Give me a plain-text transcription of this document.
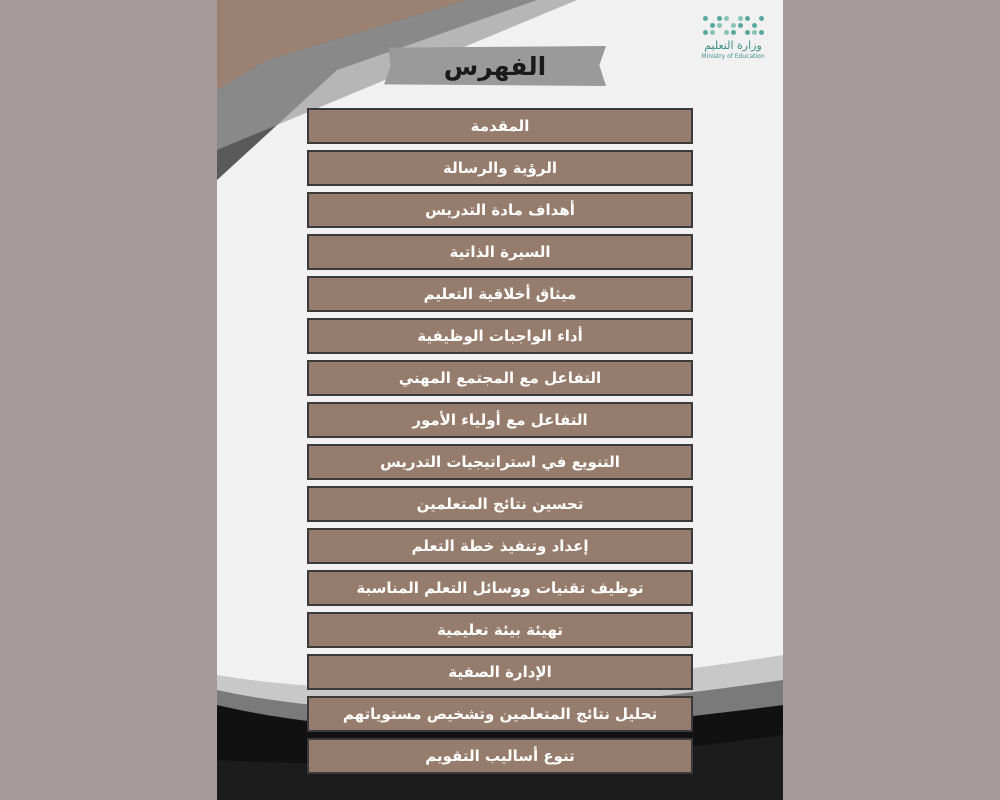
وزارة التعليم
Ministry of Education
الفهرس
المقدمة
الرؤية والرسالة
أهداف مادة التدريس
السيرة الذاتية
ميثاق أخلاقية التعليم
أداء الواجبات الوظيفية
التفاعل مع المجتمع المهني
التفاعل مع أولياء الأمور
التنويع في استراتيجيات التدريس
تحسين نتائج المتعلمين
إعداد وتنفيذ خطة التعلم
توظيف تقنيات ووسائل التعلم المناسبة
تهيئة بيئة تعليمية
الإدارة الصفية
تحليل نتائج المتعلمين وتشخيص مستوياتهم
تنوع أساليب التقويم
